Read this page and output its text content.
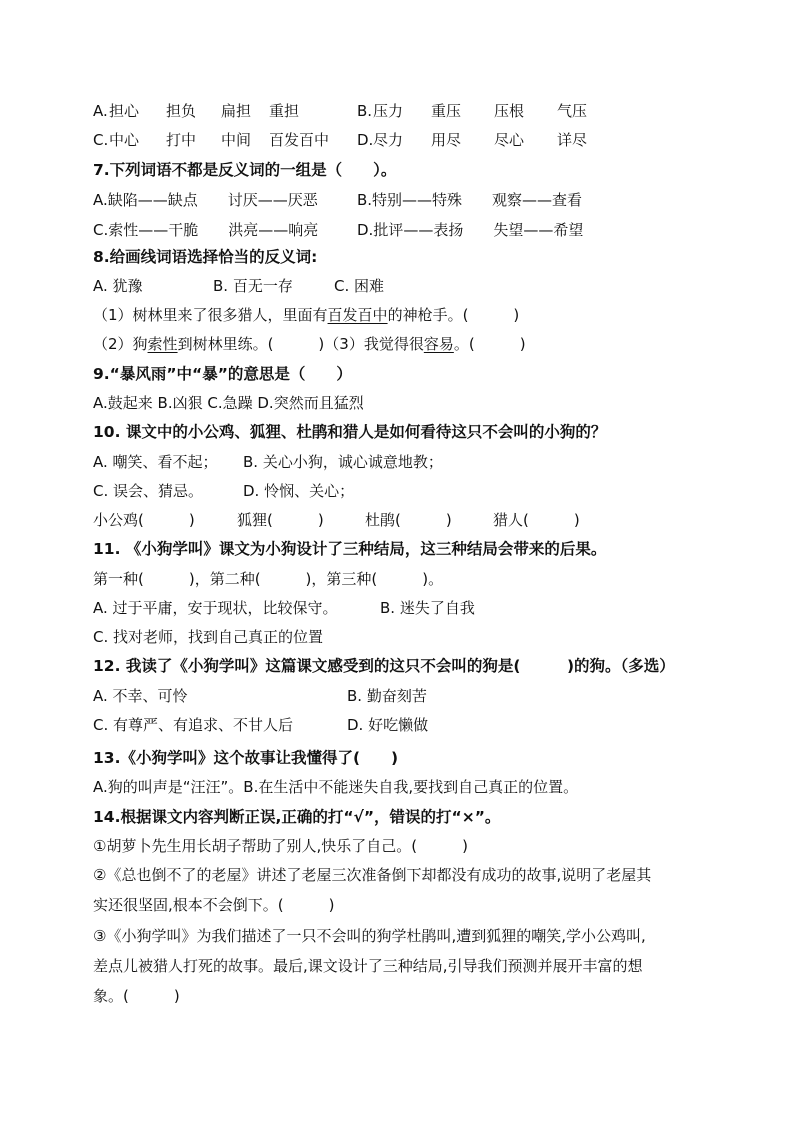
A. 担心 担负 扁担 重担	B. 压力 重压 压根 气压
C. 中心 打中 中间 百发百中 D. 尽力 用尽 尽心 详尽
7.下列词语不都是反义词的一组是（　　）。
A.缺陷——缺点　　讨厌——厌恶	B.特别——特殊　　观察——查看
C.索性——干脆　　洪亮——响亮	D.批评——表扬　　失望——希望
8.给画线词语选择恰当的反义词:
A. 犹豫	B. 百无一存	C. 困难
（1）树林里来了很多猎人，里面有百发百中的神枪手。(　　　)
（2）狗索性到树林里练。(　　　)（3）我觉得很容易。(　　　)
9.“暴风雨”中“暴”的意思是（　　）
A.鼓起来 B.凶狠 C.急躁 D.突然而且猛烈
10. 课文中的小公鸡、狐狸、杜鹃和猎人是如何看待这只不会叫的小狗的？
A. 嘲笑、看不起； B. 关心小狗，诚心诚意地教；
C. 误会、猜忌。	D. 怜悯、关心；
小公鸡(　　　)	狐狸(　　　)	杜鹃(　　　)	猎人(　　　)
11. 《小狗学叫》课文为小狗设计了三种结局，这三种结局会带来的后果。
第一种(　　　)，第二种(　　　)，第三种(　　　)。
A. 过于平庸，安于现状，比较保守。	B. 迷失了自我
C. 找对老师，找到自己真正的位置
12. 我读了《小狗学叫》这篇课文感受到的这只不会叫的狗是(　　　)的狗。（多选）
A. 不幸、可怜	B. 勤奋刻苦
C. 有尊严、有追求、不甘人后	D. 好吃懒做
13.《小狗学叫》这个故事让我懂得了(　　)
A.狗的叫声是“汪汪”。B.在生活中不能迷失自我,要找到自己真正的位置。
14.根据课文内容判断正误,正确的打“√”，错误的打“×”。
①胡萝卜先生用长胡子帮助了别人,快乐了自己。(　　　)
②《总也倒不了的老屋》讲述了老屋三次准备倒下却都没有成功的故事,说明了老屋其
实还很坚固,根本不会倒下。(　　　)
③《小狗学叫》为我们描述了一只不会叫的狗学杜鹃叫,遭到狐狸的嘲笑,学小公鸡叫,
差点儿被猎人打死的故事。最后,课文设计了三种结局,引导我们预测并展开丰富的想
象。(　　　)
